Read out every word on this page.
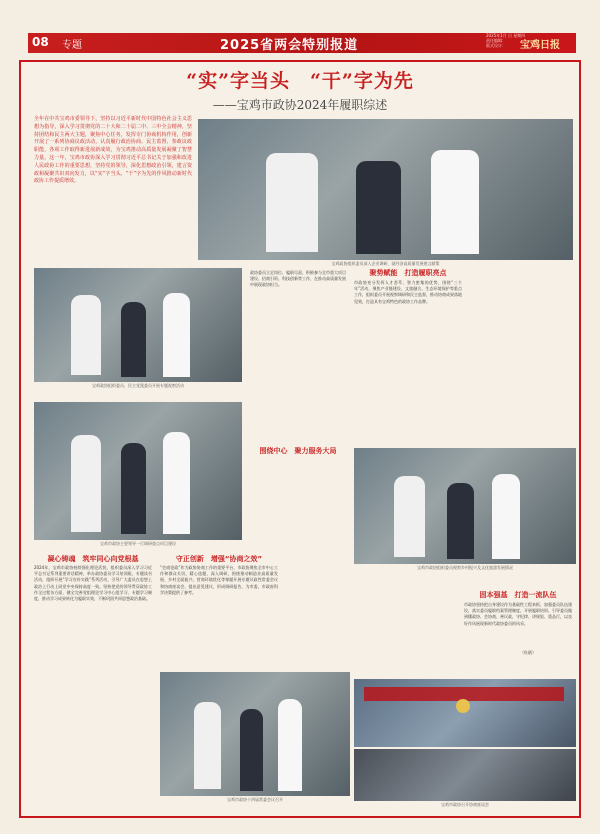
08 专题	2025省两会特别报道
2025年1月 日 星期四
责任编辑：
版式设计：	宝鸡日报
“实”字当头　“干”字为先
——宝鸡市政协2024年履职综述
全年在中共宝鸡市委领导下，坚持以习近平新时代中国特色社会主义思想为指导，深入学习贯彻党的二十大和二十届二中、三中全会精神，坚持团结和民主两大主题，聚焦中心任务，发挥专门协商机构作用，创新开展了一系列协商议政活动，认真履行政治协商、民主监督、参政议政职能，各项工作取得新进展新成效，为宝鸡推动高质量发展凝聚了智慧力量。这一年，宝鸡市政协深入学习贯彻习近平总书记关于加强和改进人民政协工作的重要思想，坚持党的领导，深化思想政治引领，建言资政和凝聚共识双向发力，以“实”字当头、“干”字为先的作风推动新时代政协工作提质增效。
宝鸡政协组织委员深入企业调研，就经济高质量发展建言献策
宝鸡政协组织委员、民主党派委员开展专题视察活动
宝鸡市政协主要领导一行调研重点项目建设
宝鸡市政协组织委员视察乡村振兴及文化旅游发展情况
凝心铸魂　筑牢同心向党根基
2024年，宝鸡市政协持续强化理论武装，组织委员深入学习习近平总书记系列重要讲话精神，举办政协委员学习培训班、专题读书活动，组织开展“学习宣传实践”系列活动，引导广大委员在思想上政治上行动上同党中央保持高度一致。坚持把党的领导贯穿政协工作全过程各方面，健全完善党组理论学习中心组学习、专题学习制度，推动学习成果转化为履职实效，不断巩固共同思想政治基础。
守正创新　增强“协商之效”
“会商论政”作为政协协商工作的重要平台，市政协聚焦全市中心工作和群众关切，精心选题，深入调研，围绕推动制造业高质量发展、乡村全面振兴、营商环境优化等课题开展专题议政性常委会议和协商座谈会，提出意见建议，形成调研报告，为市委、市政府科学决策提供了参考。
宝鸡市政协十四届常委会议召开
政协委员立足岗位、履职尽责，积极参与全市重大项目建设、招商引资、科技创新等工作，在推动高质量发展中展现政协担当。
围绕中心　聚力服务大局
聚势赋能　打造履职亮点
市政协充分发挥人才荟萃、智力密集的优势，围绕“三个年”活动，聚焦产业链建设、文旅融合、生态环境保护等重点工作，组织委员开展视察调研和民主监督，推动协商成果落地见效，打造具有宝鸡特色的政协工作品牌。
固本强基　打造一流队伍
市政协坚持把自身建设作为基础性工程来抓，加强委员队伍建设，落实委员履职档案管理制度，开展履职培训，引导委员做到懂政协、会协商、善议政，守纪律、讲规矩、重品行，以良好作风展现新时代政协委员的风采。
（杜鹃）
宝鸡市政协召开协商座谈会
